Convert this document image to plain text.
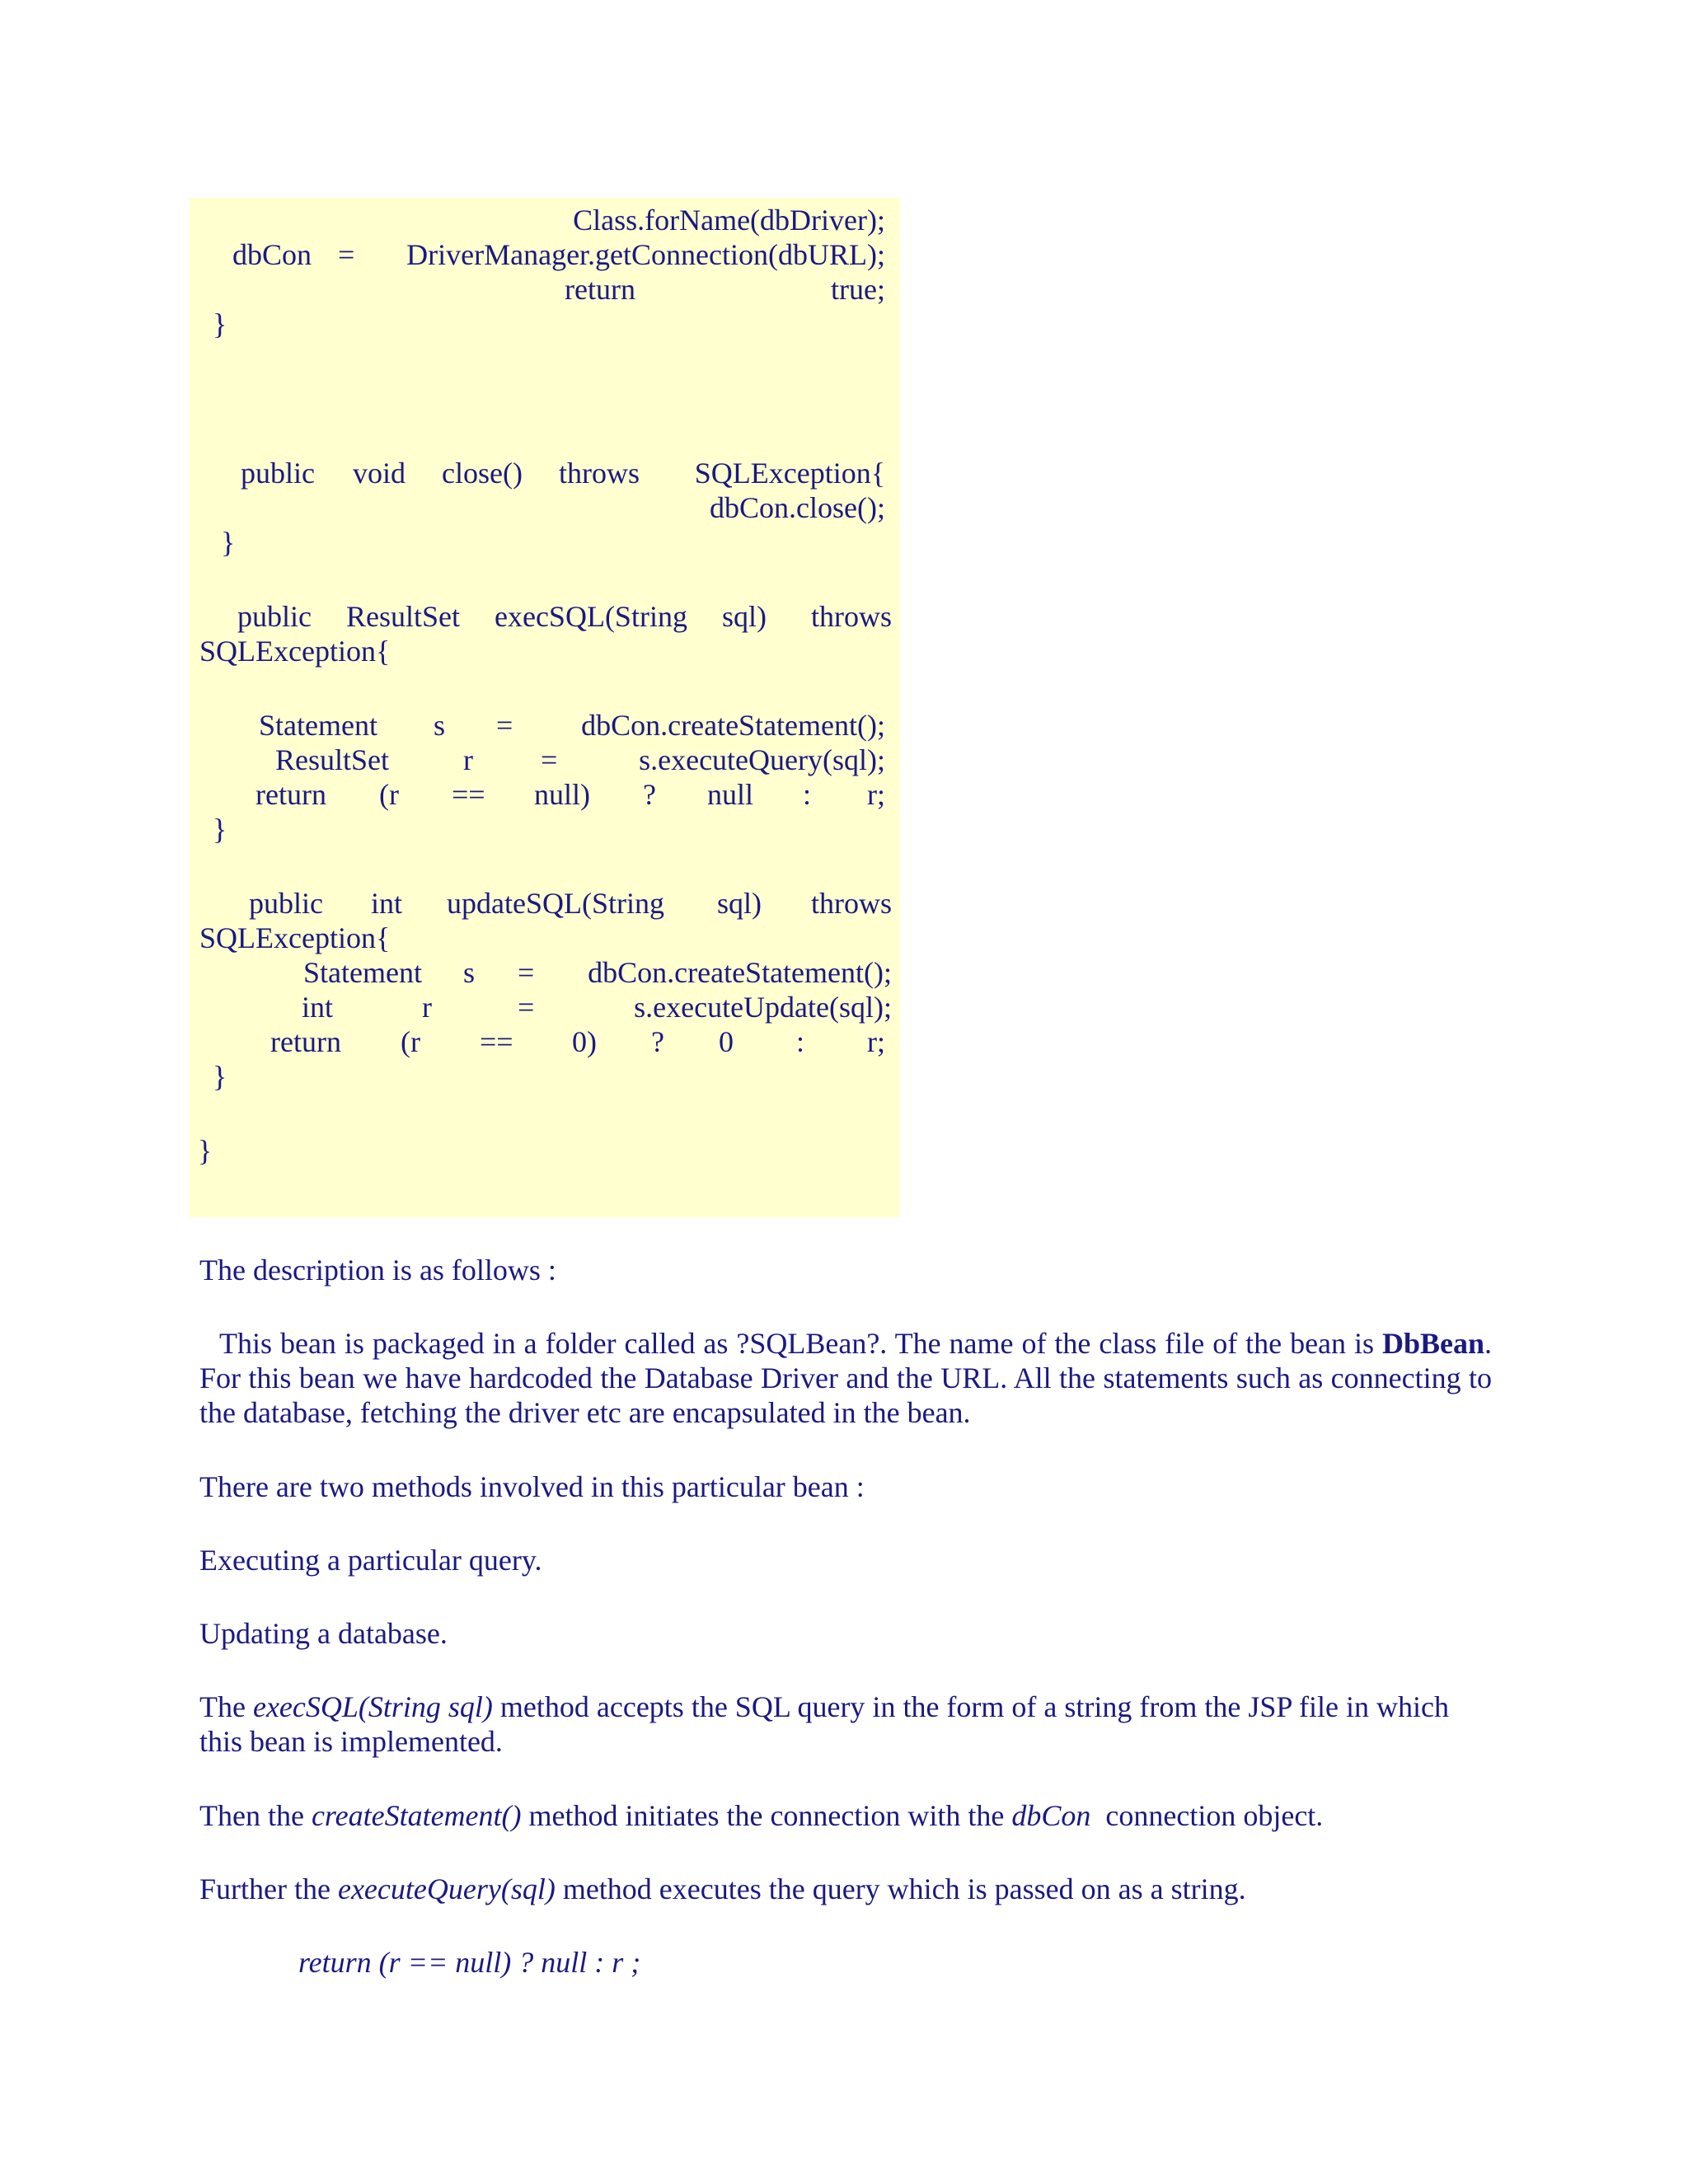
Class.forName(dbDriver);
dbCon = DriverManager.getConnection(dbURL);
return	true;
}
public void close() throws SQLException{
dbCon.close();
}
public ResultSet execSQL(String sql) throws
SQLException{
Statement s = dbCon.createStatement();
ResultSet r =	s.executeQuery(sql);
return (r == null) ? null : r;
}
public int updateSQL(String sql) throws
SQLException{
Statement s = dbCon.createStatement();
int	r	=	s.executeUpdate(sql);
return (r == 0) ? 0 : r;
}
}
The description is as follows :
This bean is packaged in a folder called as ?SQLBean?. The name of the class file of the bean is DbBean. For this bean we have hardcoded the Database Driver and the URL. All the statements such as connecting to the database, fetching the driver etc are encapsulated in the bean.
There are two methods involved in this particular bean :
Executing a particular query.
Updating a database.
The execSQL(String sql) method accepts the SQL query in the form of a string from the JSP file in which this bean is implemented.
Then the createStatement() method initiates the connection with the dbCon  connection object.
Further the executeQuery(sql) method executes the query which is passed on as a string.
return (r == null) ? null : r ;
